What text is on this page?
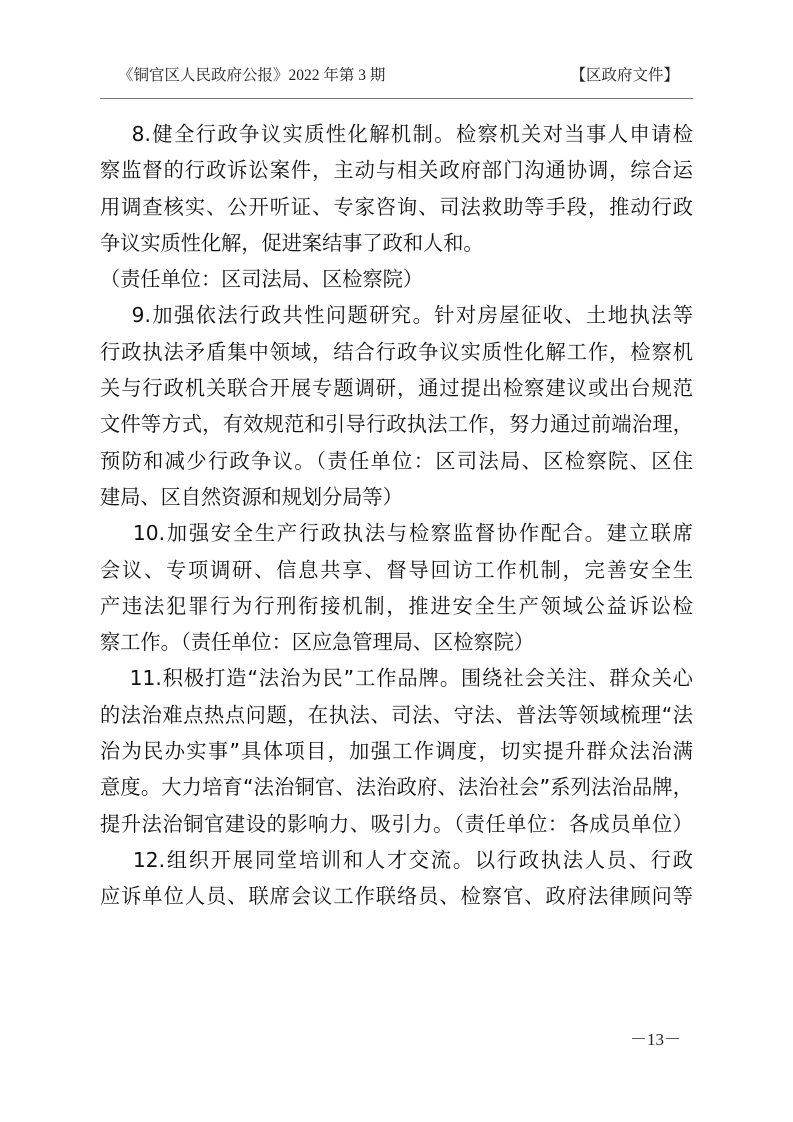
《铜官区人民政府公报》2022 年第 3 期	【区政府文件】

8.健全行政争议实质性化解机制。检察机关对当事人申请检

察监督的行政诉讼案件，主动与相关政府部门沟通协调，综合运

用调查核实、公开听证、专家咨询、司法救助等手段，推动行政

争议实质性化解，促进案结事了政和人和。

（责任单位：区司法局、区检察院）

9.加强依法行政共性问题研究。针对房屋征收、土地执法等

行政执法矛盾集中领域，结合行政争议实质性化解工作，检察机

关与行政机关联合开展专题调研，通过提出检察建议或出台规范

文件等方式，有效规范和引导行政执法工作，努力通过前端治理，

预防和减少行政争议。（责任单位：区司法局、区检察院、区住

建局、区自然资源和规划分局等）

10.加强安全生产行政执法与检察监督协作配合。建立联席

会议、专项调研、信息共享、督导回访工作机制，完善安全生

产违法犯罪行为行刑衔接机制，推进安全生产领域公益诉讼检

察工作。（责任单位：区应急管理局、区检察院）

11.积极打造“法治为民”工作品牌。围绕社会关注、群众关心

的法治难点热点问题，在执法、司法、守法、普法等领域梳理“法

治为民办实事”具体项目，加强工作调度，切实提升群众法治满

意度。大力培育“法治铜官、法治政府、法治社会”系列法治品牌，

提升法治铜官建设的影响力、吸引力。（责任单位：各成员单位）

12.组织开展同堂培训和人才交流。以行政执法人员、行政

应诉单位人员、联席会议工作联络员、检察官、政府法律顾问等

－13－
